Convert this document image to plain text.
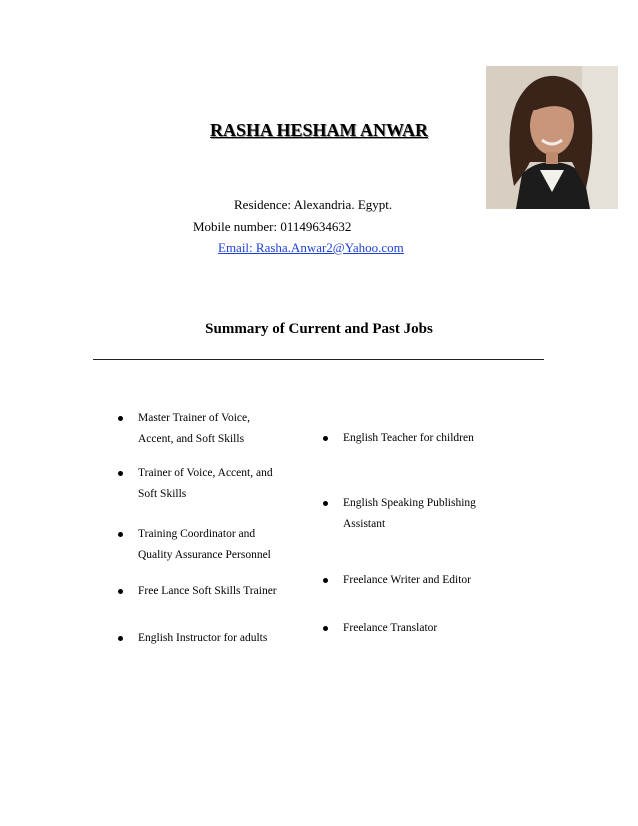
RASHA HESHAM ANWAR
Residence: Alexandria. Egypt.
Mobile number: 01149634632
Email: Rasha.Anwar2@Yahoo.com
Summary of Current and Past Jobs
Master Trainer of Voice,
Accent, and Soft Skills
Trainer of Voice, Accent, and
Soft Skills
Training Coordinator and
Quality Assurance Personnel
Free Lance Soft Skills Trainer
English Instructor for adults
English Teacher for children
English Speaking Publishing
Assistant
Freelance Writer and Editor
Freelance Translator
